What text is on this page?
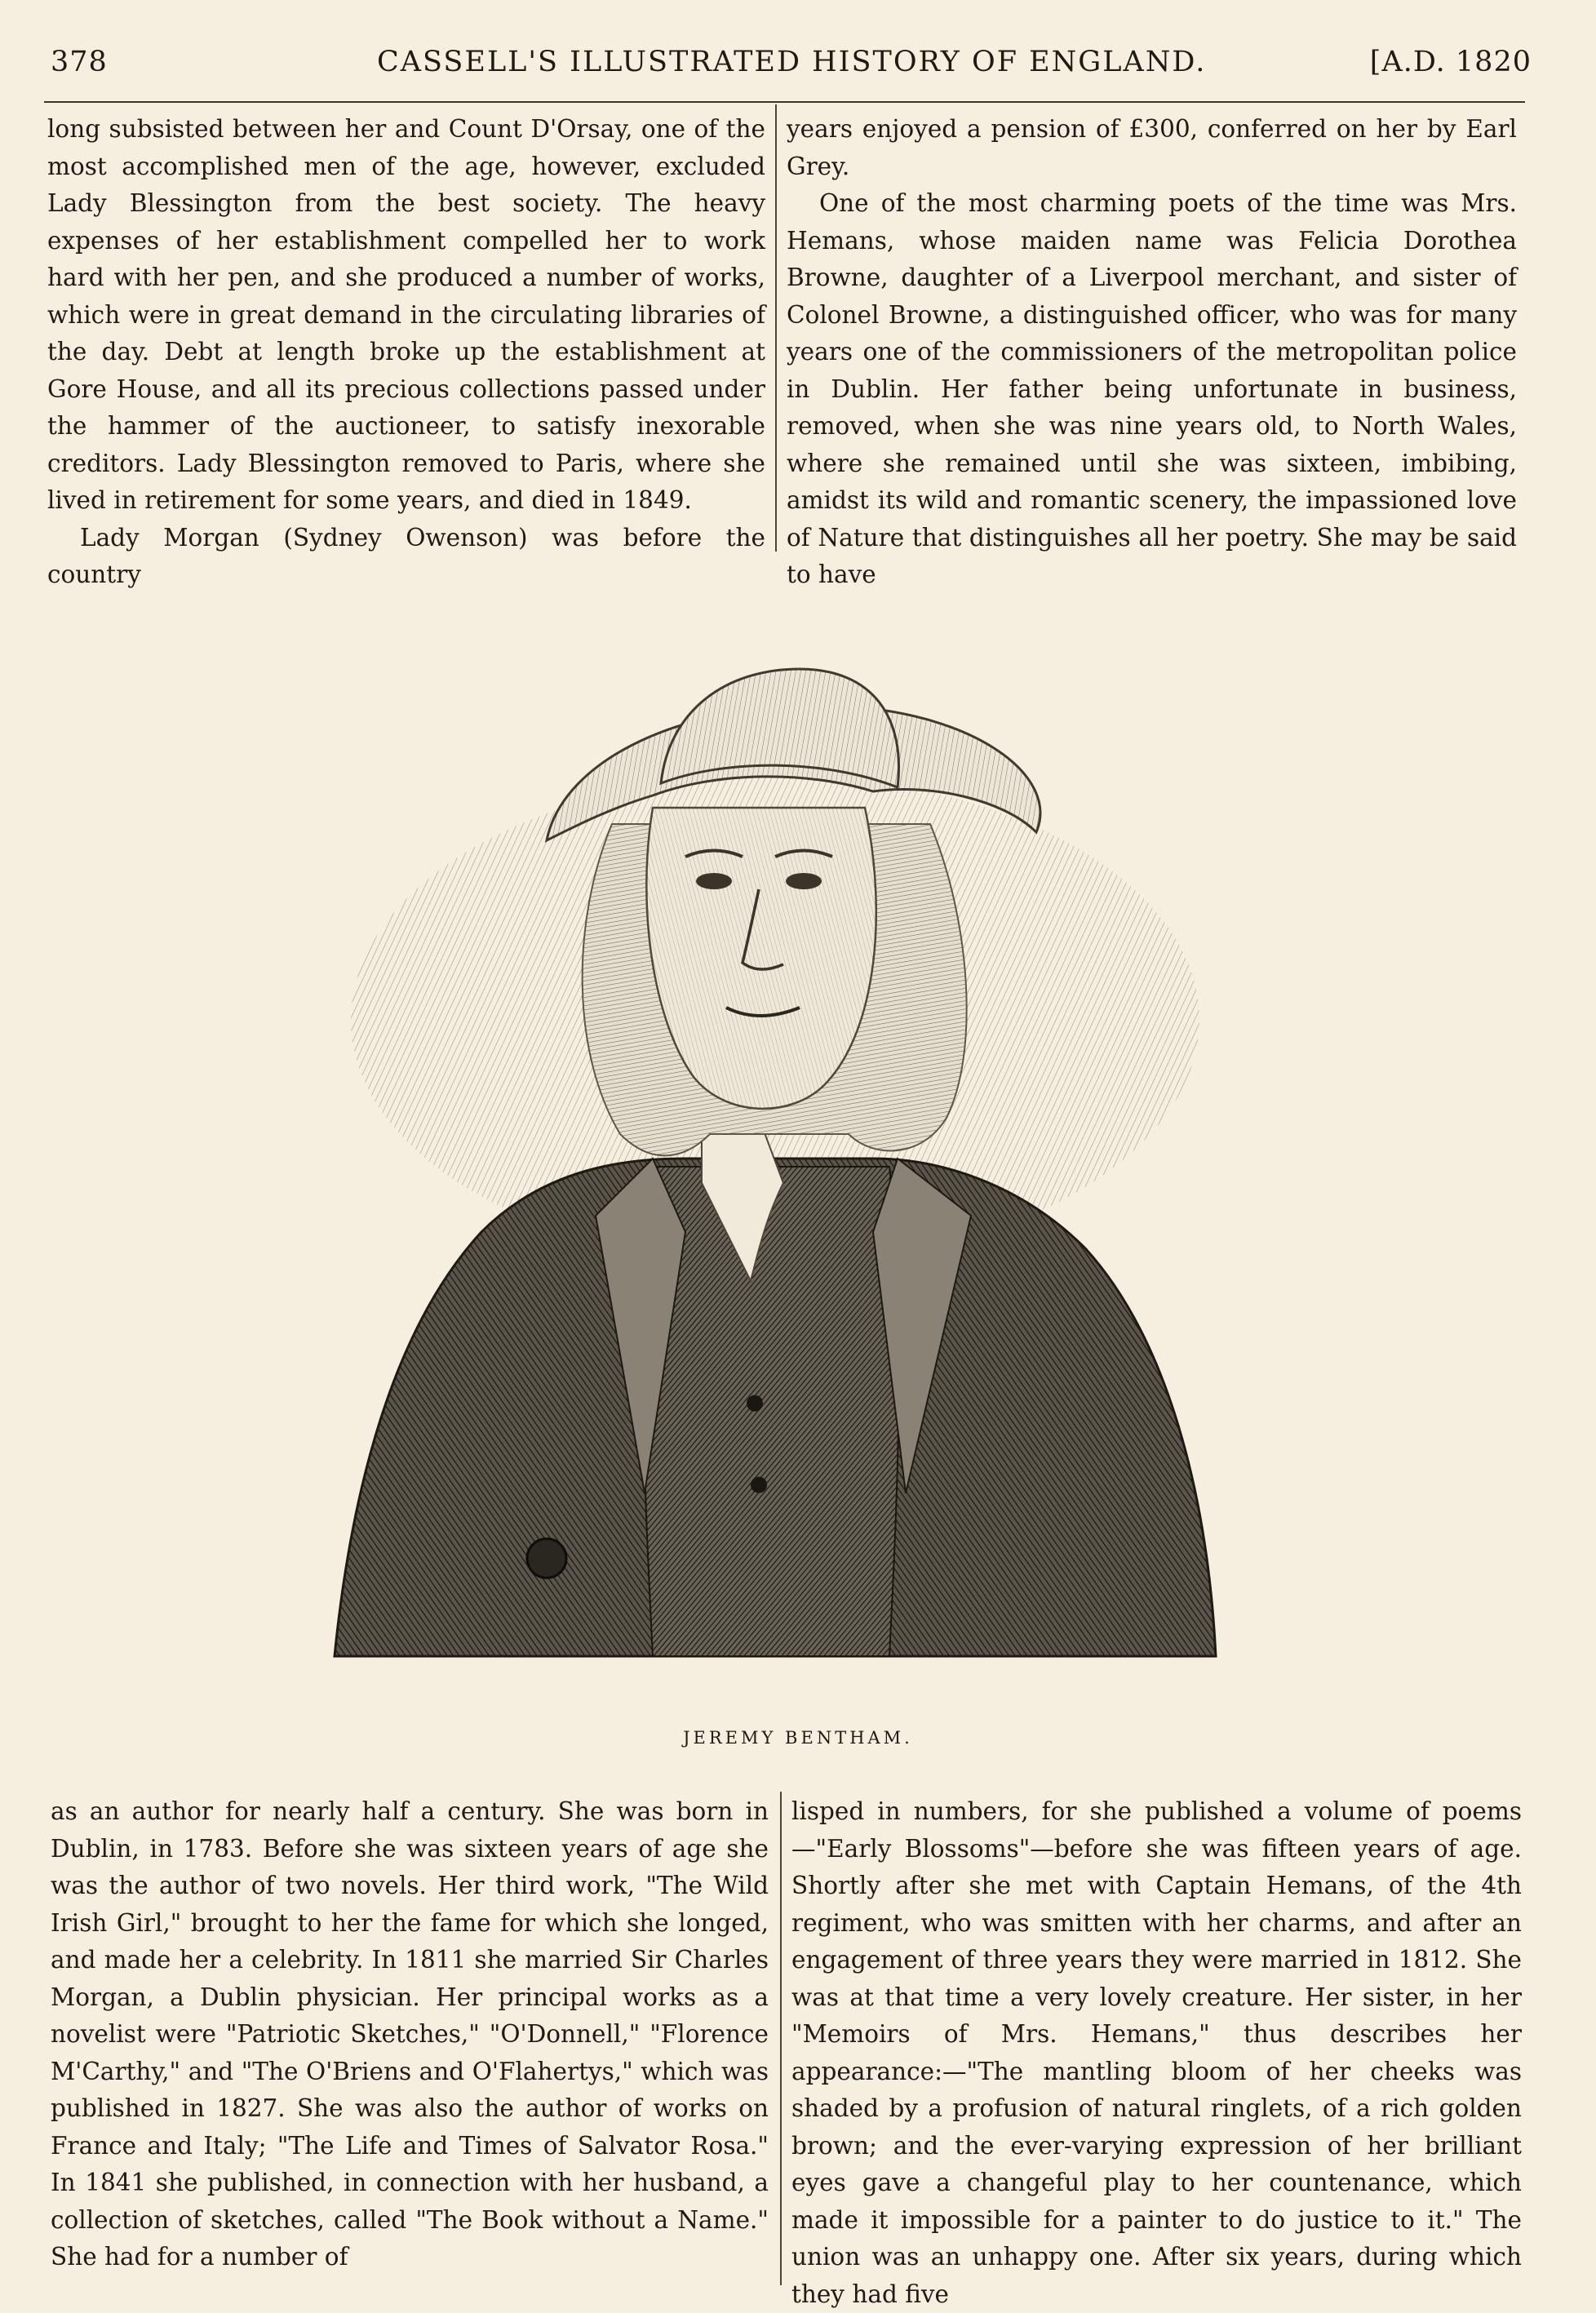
378	CASSELL'S ILLUSTRATED HISTORY OF ENGLAND.	[A.D. 1820

long subsisted between her and Count D'Orsay, one of the most accomplished men of the age, however, excluded Lady Blessington from the best society. The heavy expenses of her establishment compelled her to work hard with her pen, and she produced a number of works, which were in great demand in the circulating libraries of the day. Debt at length broke up the establishment at Gore House, and all its precious collections passed under the hammer of the auctioneer, to satisfy inexorable creditors. Lady Blessington removed to Paris, where she lived in retirement for some years, and died in 1849.

Lady Morgan (Sydney Owenson) was before the country

years enjoyed a pension of £300, conferred on her by Earl Grey.

One of the most charming poets of the time was Mrs. Hemans, whose maiden name was Felicia Dorothea Browne, daughter of a Liverpool merchant, and sister of Colonel Browne, a distinguished officer, who was for many years one of the commissioners of the metropolitan police in Dublin. Her father being unfortunate in business, removed, when she was nine years old, to North Wales, where she remained until she was sixteen, imbibing, amidst its wild and romantic scenery, the impassioned love of Nature that distinguishes all her poetry. She may be said to have

JEREMY BENTHAM.

as an author for nearly half a century. She was born in Dublin, in 1783. Before she was sixteen years of age she was the author of two novels. Her third work, "The Wild Irish Girl," brought to her the fame for which she longed, and made her a celebrity. In 1811 she married Sir Charles Morgan, a Dublin physician. Her principal works as a novelist were "Patriotic Sketches," "O'Donnell," "Florence M'Carthy," and "The O'Briens and O'Flahertys," which was published in 1827. She was also the author of works on France and Italy; "The Life and Times of Salvator Rosa." In 1841 she published, in connection with her husband, a collection of sketches, called "The Book without a Name." She had for a number of

lisped in numbers, for she published a volume of poems—"Early Blossoms"—before she was fifteen years of age. Shortly after she met with Captain Hemans, of the 4th regiment, who was smitten with her charms, and after an engagement of three years they were married in 1812. She was at that time a very lovely creature. Her sister, in her "Memoirs of Mrs. Hemans," thus describes her appearance:—"The mantling bloom of her cheeks was shaded by a profusion of natural ringlets, of a rich golden brown; and the ever-varying expression of her brilliant eyes gave a changeful play to her countenance, which made it impossible for a painter to do justice to it." The union was an unhappy one. After six years, during which they had five
